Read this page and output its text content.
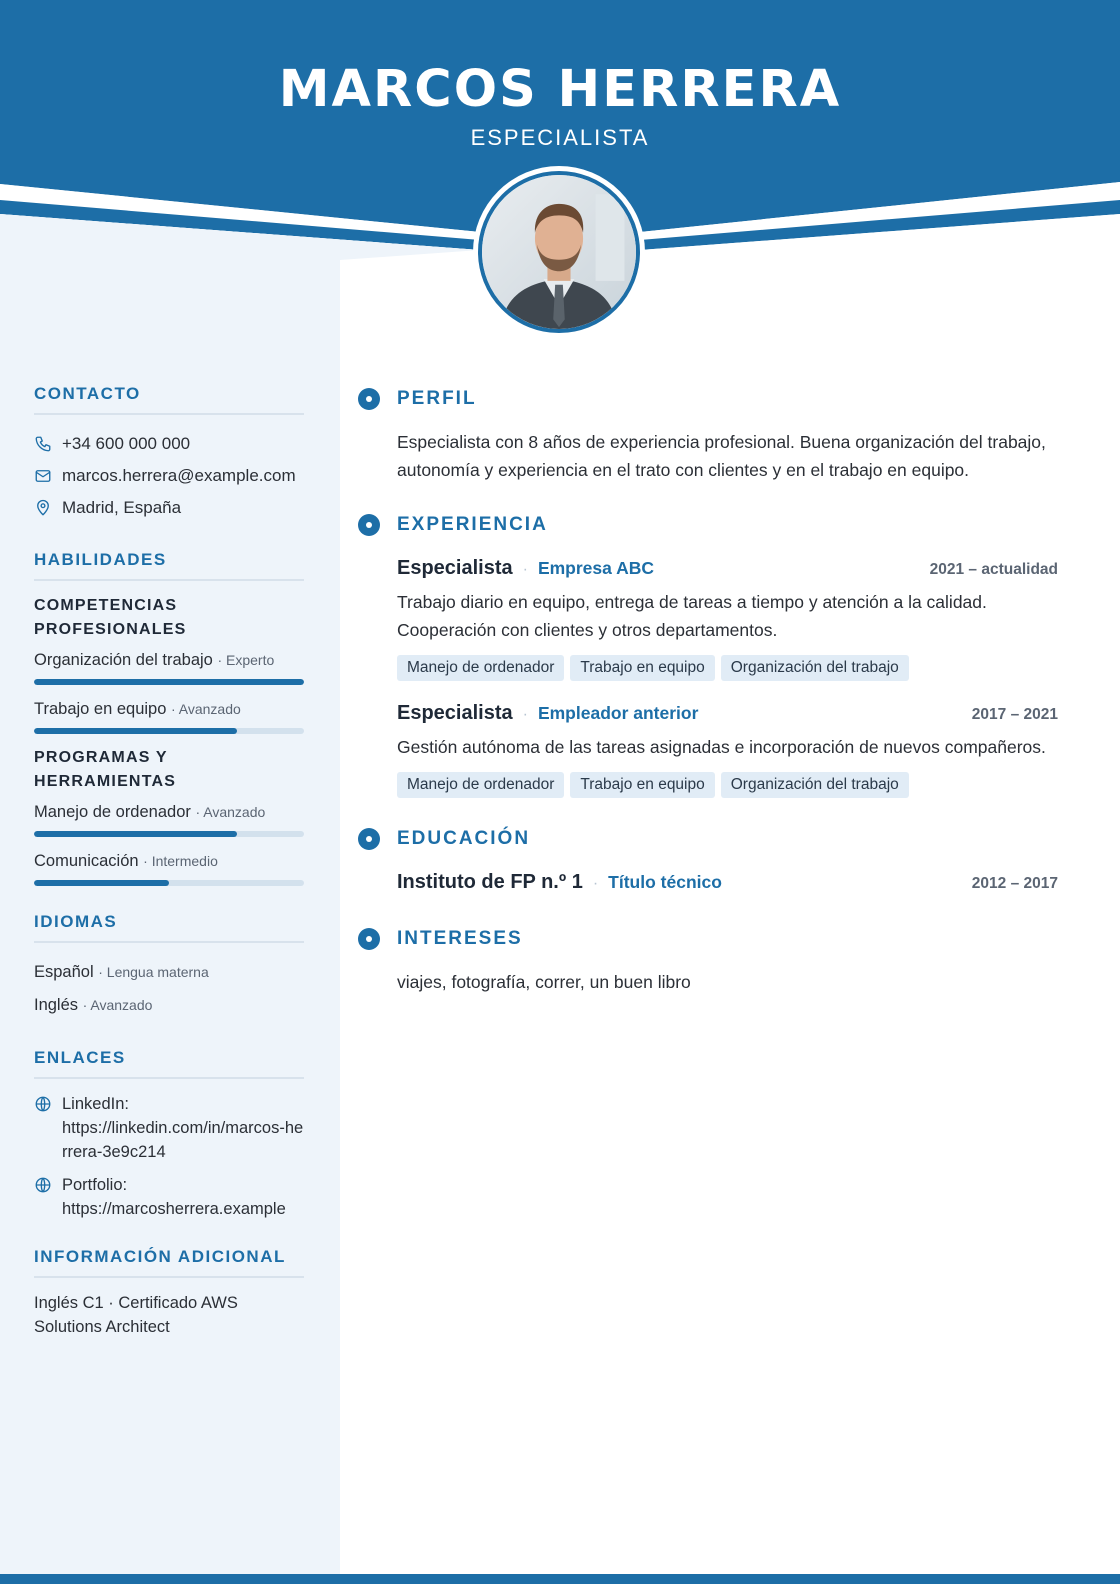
MARCOS HERRERA
ESPECIALISTA
CONTACTO
+34 600 000 000
marcos.herrera@example.com
Madrid, España
HABILIDADES
COMPETENCIAS PROFESIONALES
Organización del trabajo · Experto
Trabajo en equipo · Avanzado
PROGRAMAS Y HERRAMIENTAS
Manejo de ordenador · Avanzado
Comunicación · Intermedio
IDIOMAS
Español · Lengua materna
Inglés · Avanzado
ENLACES
LinkedIn:
https://linkedin.com/in/marcos-herrera-3e9c214
Portfolio:
https://marcosherrera.example
INFORMACIÓN ADICIONAL
Inglés C1 · Certificado AWS Solutions Architect
PERFIL
Especialista con 8 años de experiencia profesional. Buena organización del trabajo, autonomía y experiencia en el trato con clientes y en el trabajo en equipo.
EXPERIENCIA
Especialista · Empresa ABC	2021 – actualidad
Trabajo diario en equipo, entrega de tareas a tiempo y atención a la calidad. Cooperación con clientes y otros departamentos.
Manejo de ordenador	Trabajo en equipo	Organización del trabajo
Especialista · Empleador anterior	2017 – 2021
Gestión autónoma de las tareas asignadas e incorporación de nuevos compañeros.
Manejo de ordenador	Trabajo en equipo	Organización del trabajo
EDUCACIÓN
Instituto de FP n.º 1 · Título técnico	2012 – 2017
INTERESES
viajes, fotografía, correr, un buen libro
